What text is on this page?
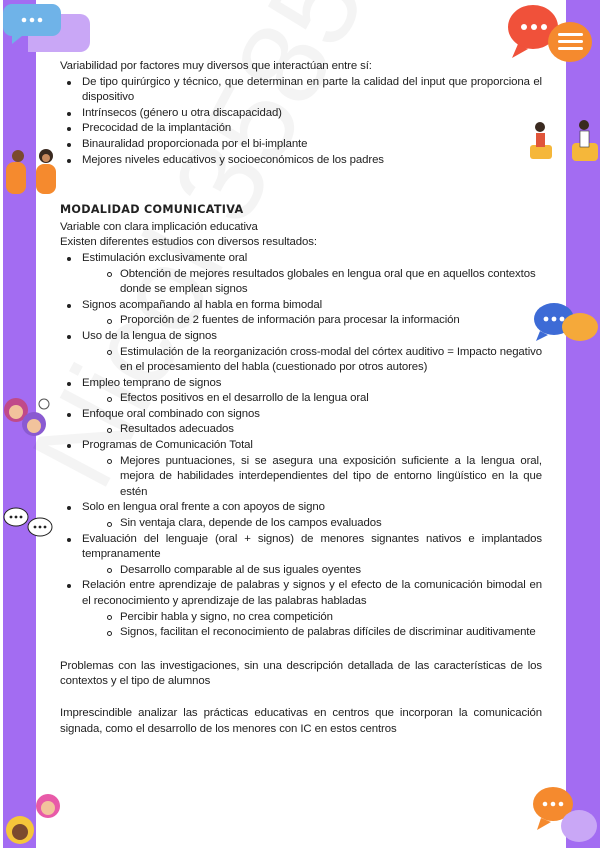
Variabilidad por factores muy diversos que interactúan entre sí:

De tipo quirúrgico y técnico, que determinan en parte la calidad del input que proporciona el dispositivo
Intrínsecos (género u otra discapacidad)
Precocidad de la implantación
Binauralidad proporcionada por el bi-implante
Mejores niveles educativos y socioeconómicos de los padres

MODALIDAD COMUNICATIVA

Variable con clara implicación educativa

Existen diferentes estudios con diversos resultados:

Estimulación exclusivamente oral
Obtención de mejores resultados globales en lengua oral que en aquellos contextos donde se emplean signos
Signos acompañando al habla en forma bimodal
Proporción de 2 fuentes de información para procesar la información
Uso de la lengua de signos
Estimulación de la reorganización cross-modal del córtex auditivo = Impacto negativo en el procesamiento del habla (cuestionado por otros autores)
Empleo temprano de signos
Efectos positivos en el desarrollo de la lengua oral
Enfoque oral combinado con signos
Resultados adecuados
Programas de Comunicación Total
Mejores puntuaciones, si se asegura una exposición suficiente a la lengua oral, mejora de habilidades interdependientes del tipo de entorno lingüístico en la que estén
Solo en lengua oral frente a con apoyos de signo
Sin ventaja clara, depende de los campos evaluados
Evaluación del lenguaje (oral + signos) de menores signantes nativos e implantados tempranamente
Desarrollo comparable al de sus iguales oyentes
Relación entre aprendizaje de palabras y signos y el efecto de la comunicación bimodal en el reconocimiento y aprendizaje de las palabras habladas
Percibir habla y signo, no crea competición
Signos, facilitan el reconocimiento de palabras difíciles de discriminar auditivamente

Problemas con las investigaciones, sin una descripción detallada de las características de los contextos y el tipo de alumnos

Imprescindible analizar las prácticas educativas en centros que incorporan la comunicación signada, como el desarrollo de los menores con IC en estos centros
